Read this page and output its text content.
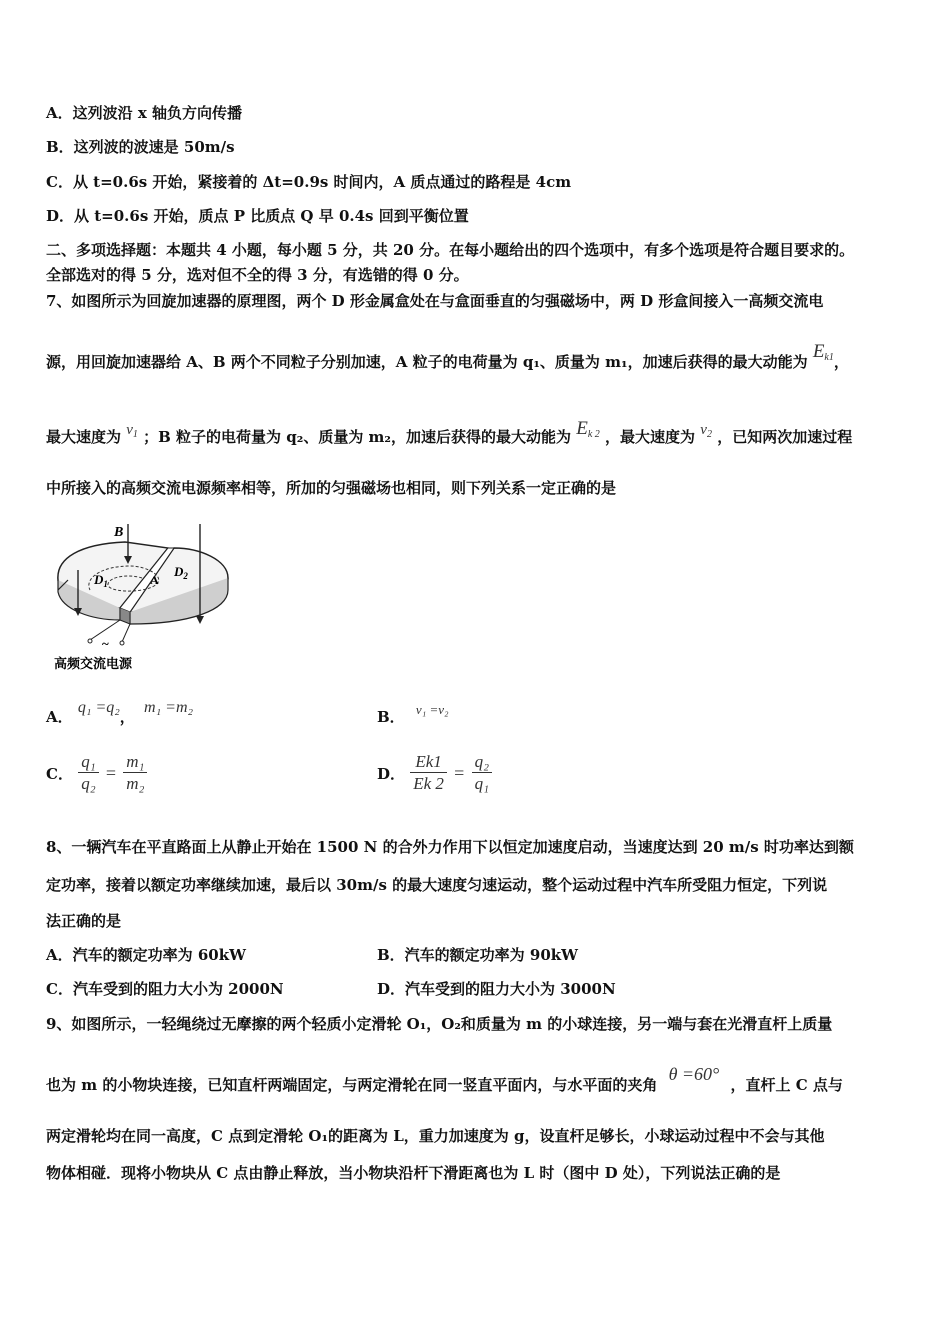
A．这列波沿 x 轴负方向传播
B．这列波的波速是 50m/s
C．从 t=0.6s 开始，紧接着的 Δt=0.9s 时间内，A 质点通过的路程是 4cm
D．从 t=0.6s 开始，质点 P 比质点 Q 早 0.4s 回到平衡位置
二、多项选择题：本题共 4 小题，每小题 5 分，共 20 分。在每小题给出的四个选项中，有多个选项是符合题目要求的。
全部选对的得 5 分，选对但不全的得 3 分，有选错的得 0 分。
7、如图所示为回旋加速器的原理图，两个 D 形金属盒处在与盒面垂直的匀强磁场中，两 D 形盒间接入一高频交流电
源，用回旋加速器给 A、B 两个不同粒子分别加速，A 粒子的电荷量为 q₁、质量为 m₁，加速后获得的最大动能为 $E_{k1}$，
最大速度为 $v_1$ ；B 粒子的电荷量为 q₂、质量为 m₂，加速后获得的最大动能为 $E_{k 2}$ ，最大速度为 $v_2$ ，已知两次加速过程
中所接入的高频交流电源频率相等，所加的匀强磁场也相同，则下列关系一定正确的是
B
$D_1$
$D_2$
A
~
高频交流电源
A． q₁ =q₂， m₁ =m₂
B． v₁ =v₂
C． $\frac{\text{q₁}}{\text{q₂}} = \frac{\text{m₁}}{\text{m₂}}$	D． $\frac{Ek1}{Ek 2} = \frac{\text{q₂}}{\text{q₁}}$
8、一辆汽车在平直路面上从静止开始在 1500 N 的合外力作用下以恒定加速度启动，当速度达到 20 m/s 时功率达到额
定功率，接着以额定功率继续加速，最后以 30m/s 的最大速度匀速运动，整个运动过程中汽车所受阻力恒定，下列说
法正确的是
A．汽车的额定功率为 60kW	B．汽车的额定功率为 90kW
C．汽车受到的阻力大小为 2000N	D．汽车受到的阻力大小为 3000N
9、如图所示，一轻绳绕过无摩擦的两个轻质小定滑轮 O₁，O₂和质量为 m 的小球连接，另一端与套在光滑直杆上质量
也为 m 的小物块连接，已知直杆两端固定，与两定滑轮在同一竖直平面内，与水平面的夹角 θ =60° ，直杆上 C 点与
两定滑轮均在同一高度，C 点到定滑轮 O₁的距离为 L，重力加速度为 g，设直杆足够长，小球运动过程中不会与其他
物体相碰．现将小物块从 C 点由静止释放，当小物块沿杆下滑距离也为 L 时（图中 D 处），下列说法正确的是
